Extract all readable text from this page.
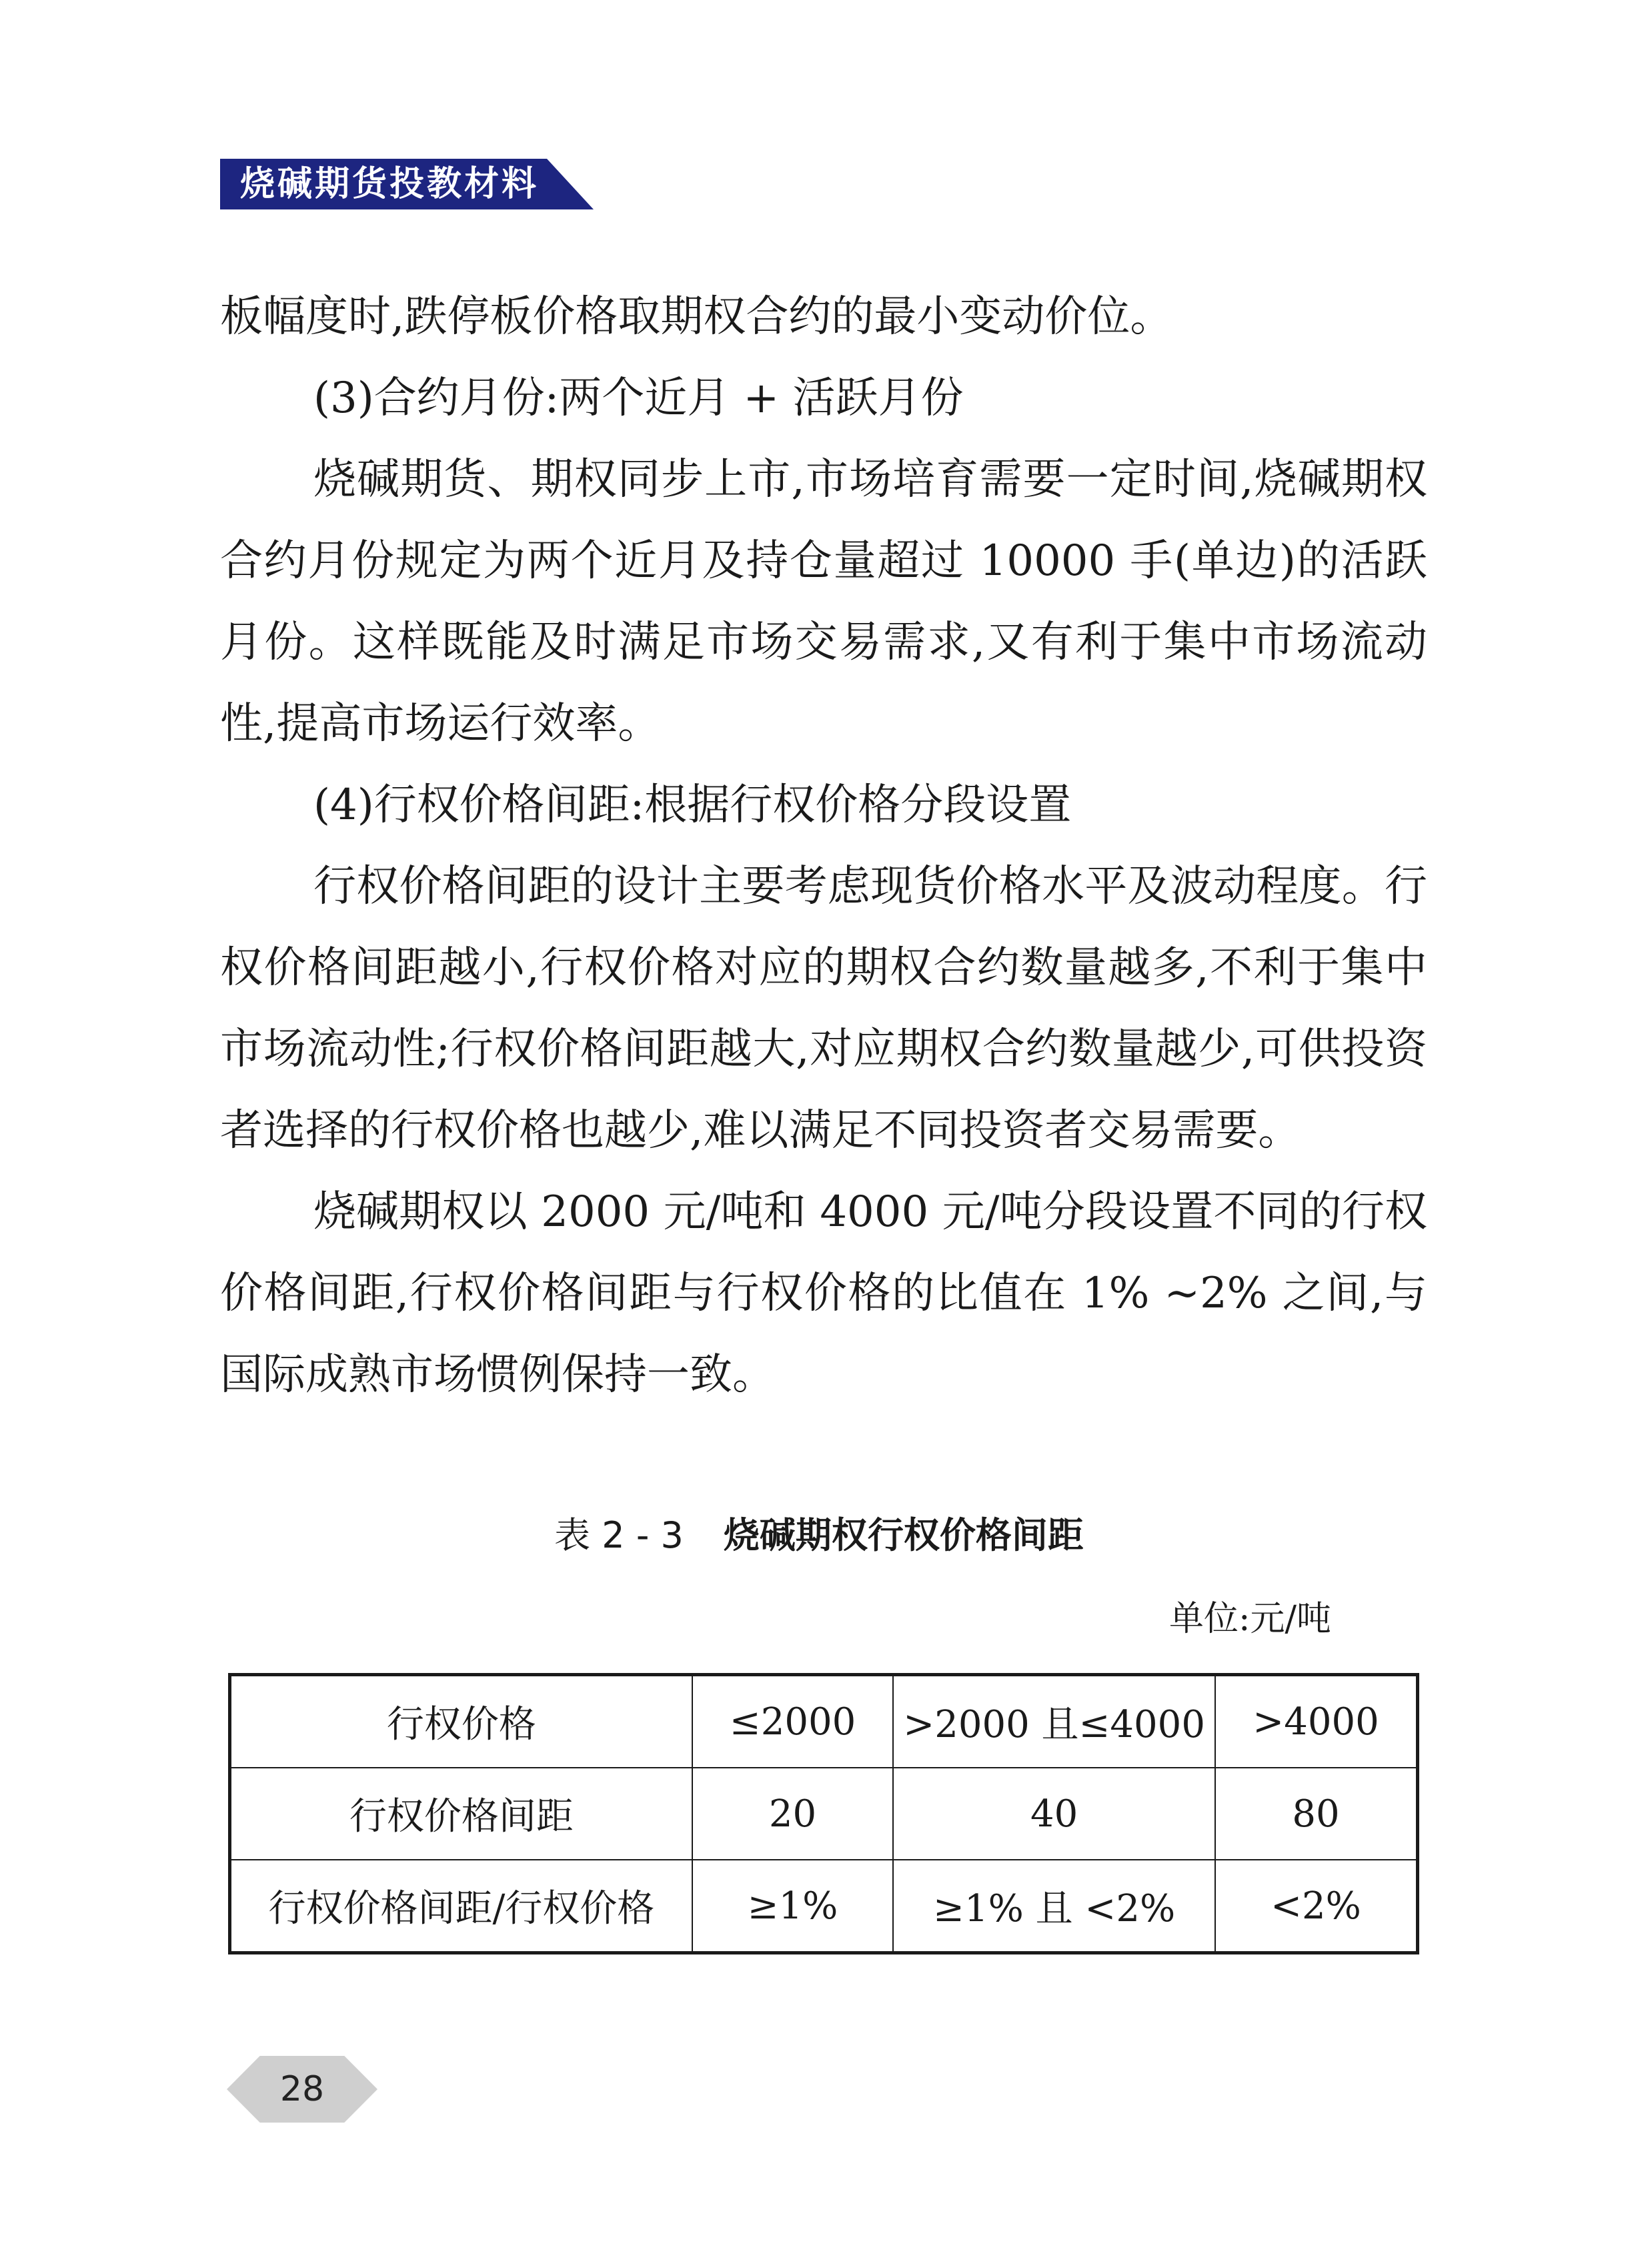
烧碱期货投教材料

板幅度时,跌停板价格取期权合约的最小变动价位。

(3)合约月份:两个近月 + 活跃月份

烧碱期货、期权同步上市,市场培育需要一定时间,烧碱期权合约月份规定为两个近月及持仓量超过 10000 手(单边)的活跃月份。这样既能及时满足市场交易需求,又有利于集中市场流动性,提高市场运行效率。

(4)行权价格间距:根据行权价格分段设置

行权价格间距的设计主要考虑现货价格水平及波动程度。行权价格间距越小,行权价格对应的期权合约数量越多,不利于集中市场流动性;行权价格间距越大,对应期权合约数量越少,可供投资者选择的行权价格也越少,难以满足不同投资者交易需要。

烧碱期权以 2000 元/吨和 4000 元/吨分段设置不同的行权价格间距,行权价格间距与行权价格的比值在 1% ~2% 之间,与国际成熟市场惯例保持一致。

表 2 - 3 烧碱期权行权价格间距
单位:元/吨
行权价格	≤2000	>2000 且≤4000	>4000
行权价格间距	20	40	80
行权价格间距/行权价格	≥1%	≥1% 且 <2%	<2%
28
